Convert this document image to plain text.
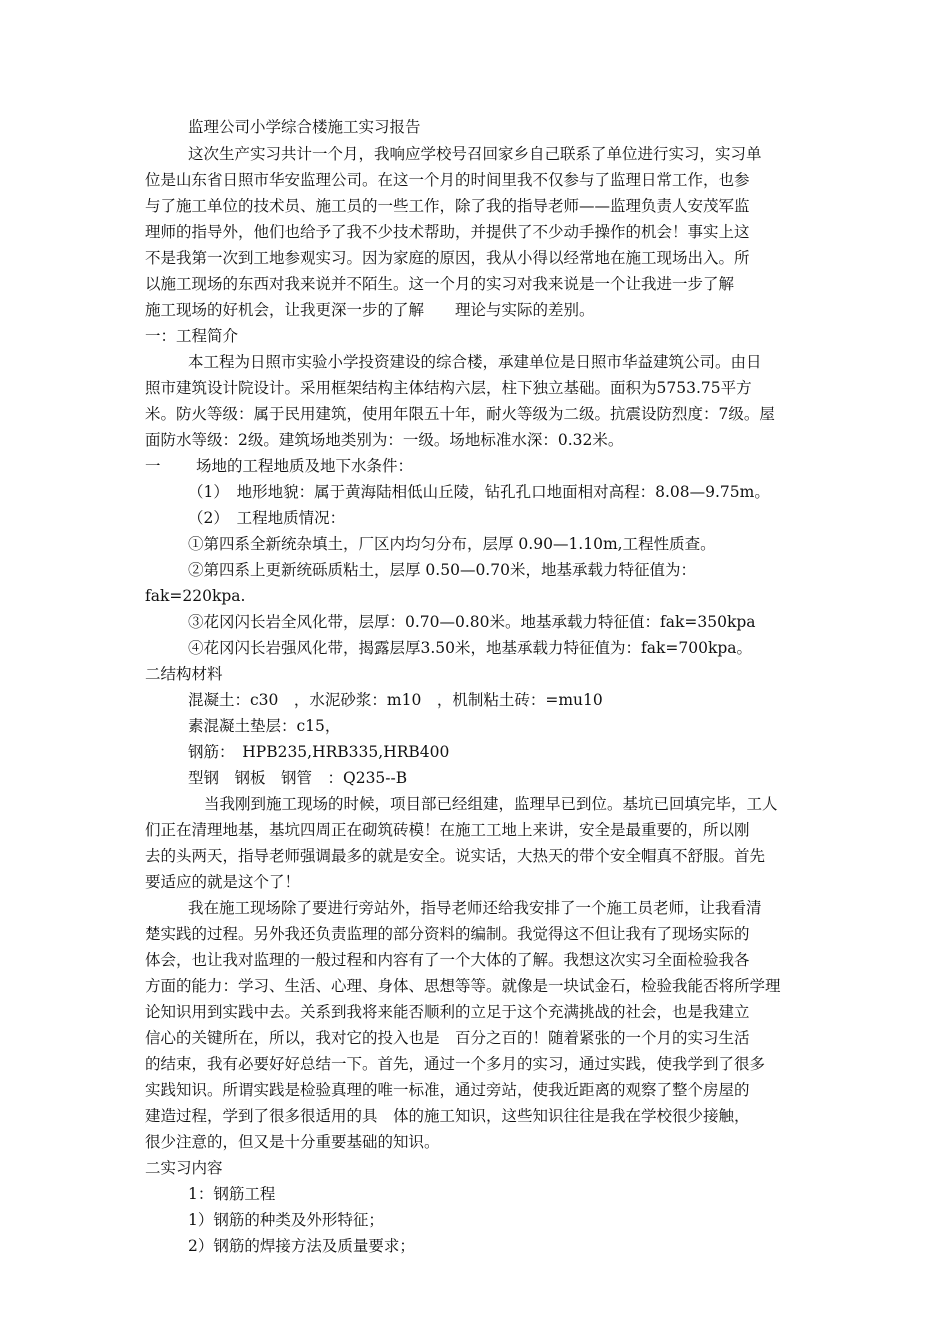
监理公司小学综合楼施工实习报告
这次生产实习共计一个月，我响应学校号召回家乡自己联系了单位进行实习，实习单
位是山东省日照市华安监理公司。在这一个月的时间里我不仅参与了监理日常工作，也参
与了施工单位的技术员、施工员的一些工作，除了我的指导老师——监理负责人安茂军监
理师的指导外，他们也给予了我不少技术帮助，并提供了不少动手操作的机会！事实上这
不是我第一次到工地参观实习。因为家庭的原因，我从小得以经常地在施工现场出入。所
以施工现场的东西对我来说并不陌生。这一个月的实习对我来说是一个让我进一步了解
施工现场的好机会，让我更深一步的了解　　理论与实际的差别。
一：工程简介
本工程为日照市实验小学投资建设的综合楼，承建单位是日照市华益建筑公司。由日
照市建筑设计院设计。采用框架结构主体结构六层，柱下独立基础。面积为5753.75平方
米。防火等级：属于民用建筑，使用年限五十年，耐火等级为二级。抗震设防烈度：7级。屋
面防水等级：2级。建筑场地类别为：一级。场地标准水深：0.32米。
一 场地的工程地质及地下水条件：
（1）　地形地貌：属于黄海陆相低山丘陵，钻孔孔口地面相对高程：8.08—9.75m。
（2）　工程地质情况：
①第四系全新统杂填土，厂区内均匀分布，层厚 0.90—1.10m,工程性质查。
②第四系上更新统砾质粘土，层厚 0.50—0.70米，地基承载力特征值为：
fak=220kpa.
③花冈闪长岩全风化带，层厚：0.70—0.80米。地基承载力特征值：fak=350kpa
④花冈闪长岩强风化带，揭露层厚3.50米，地基承载力特征值为：fak=700kpa。
二结构材料
混凝土：c30　，水泥砂浆：m10　，机制粘土砖：=mu10
素混凝土垫层：c15，
钢筋：　HPB235,HRB335,HRB400
型钢　钢板　钢管　：Q235--B
当我刚到施工现场的时候，项目部已经组建，监理早已到位。基坑已回填完毕，工人
们正在清理地基，基坑四周正在砌筑砖模！在施工工地上来讲，安全是最重要的，所以刚
去的头两天，指导老师强调最多的就是安全。说实话，大热天的带个安全帽真不舒服。首先
要适应的就是这个了！
我在施工现场除了要进行旁站外，指导老师还给我安排了一个施工员老师，让我看清
楚实践的过程。另外我还负责监理的部分资料的编制。我觉得这不但让我有了现场实际的
体会，也让我对监理的一般过程和内容有了一个大体的了解。我想这次实习全面检验我各
方面的能力：学习、生活、心理、身体、思想等等。就像是一块试金石，检验我能否将所学理
论知识用到实践中去。关系到我将来能否顺利的立足于这个充满挑战的社会，也是我建立
信心的关键所在，所以，我对它的投入也是　百分之百的！随着紧张的一个月的实习生活
的结束，我有必要好好总结一下。首先，通过一个多月的实习，通过实践，使我学到了很多
实践知识。所谓实践是检验真理的唯一标准，通过旁站，使我近距离的观察了整个房屋的
建造过程，学到了很多很适用的具　体的施工知识，这些知识往往是我在学校很少接触，
很少注意的，但又是十分重要基础的知识。
二实习内容
1：钢筋工程
1）钢筋的种类及外形特征；
2）钢筋的焊接方法及质量要求；
